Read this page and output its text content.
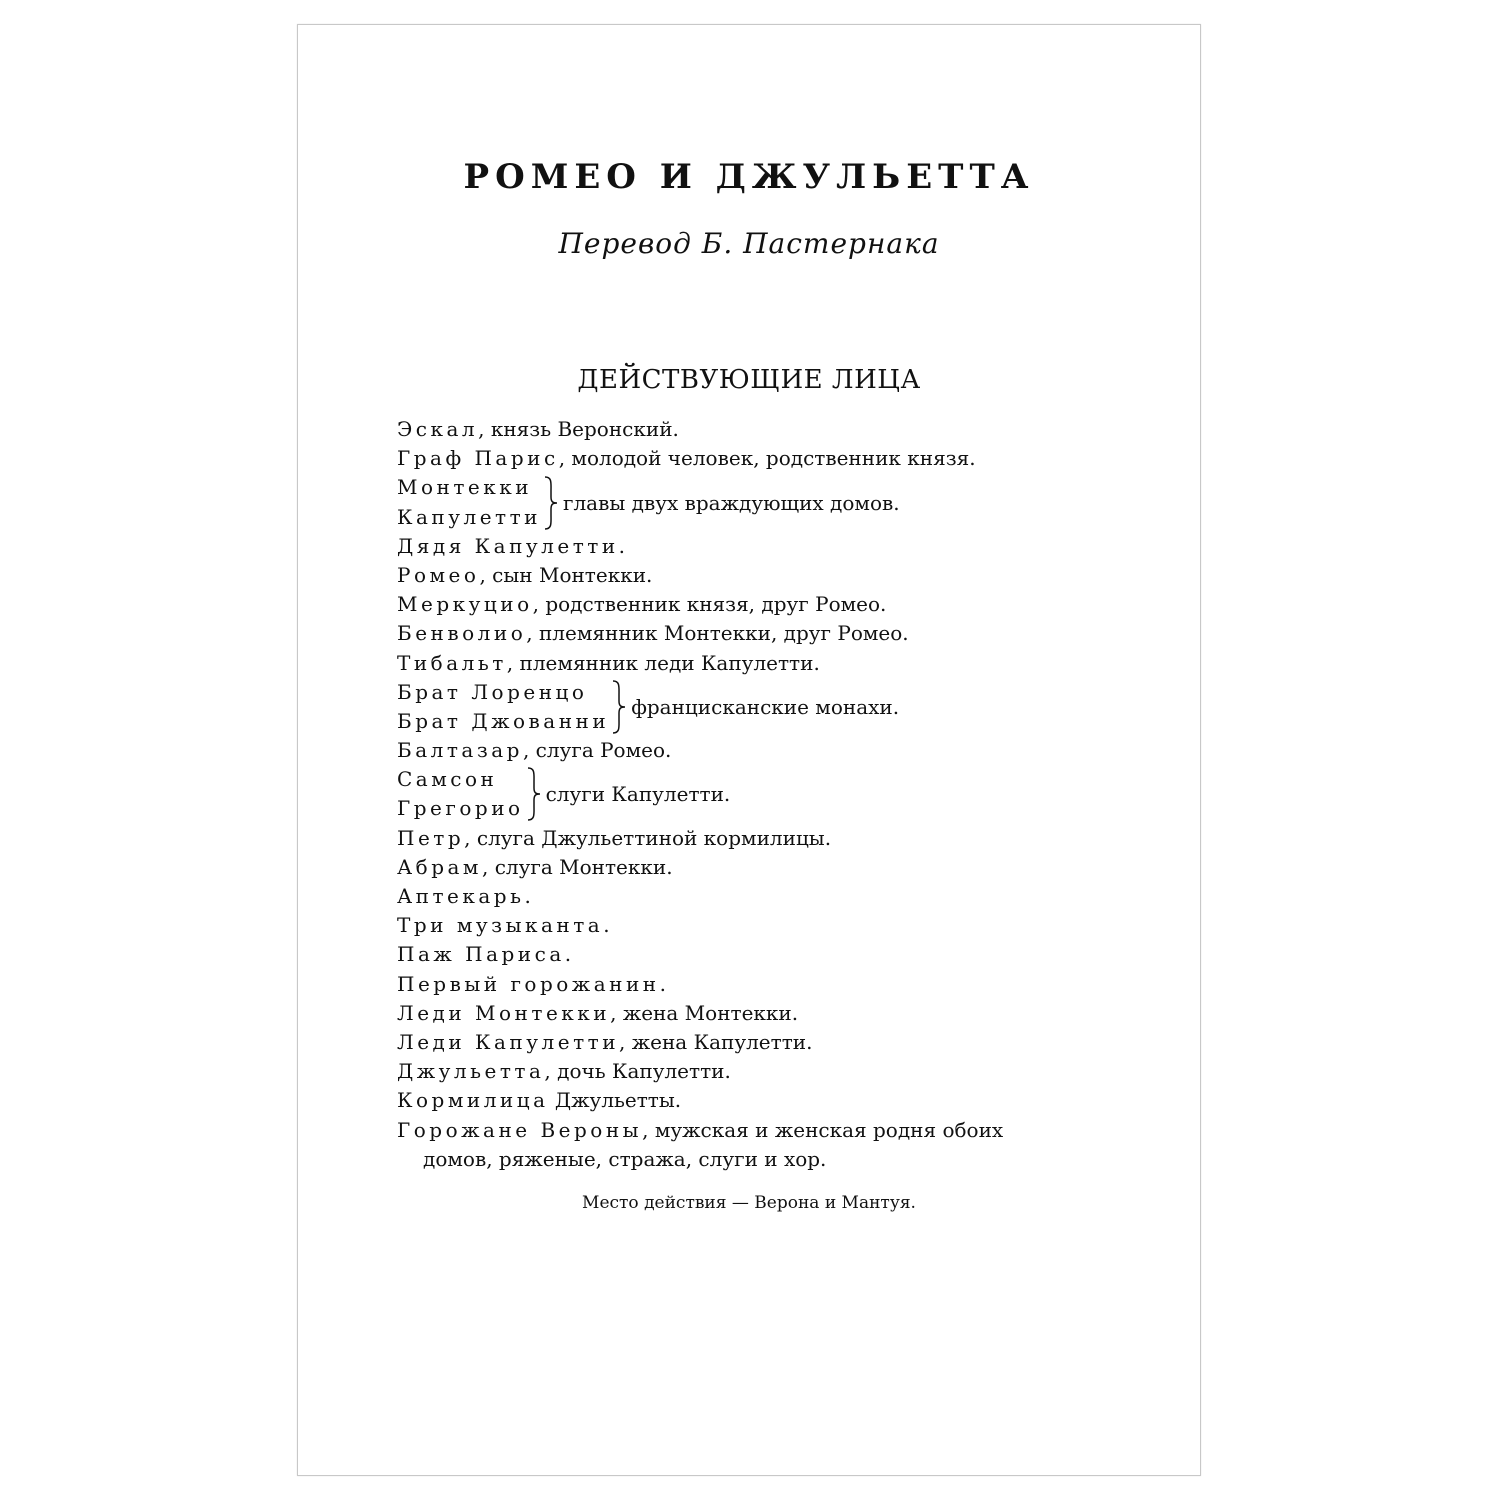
РОМЕО И ДЖУЛЬЕТТА
Перевод Б. Пастернака
ДЕЙСТВУЮЩИЕ ЛИЦА
Эскал, князь Веронский.
Граф Парис, молодой человек, родственник князя.
Монтекки
Капулетти
главы двух враждующих домов.
Дядя Капулетти.
Ромео, сын Монтекки.
Меркуцио, родственник князя, друг Ромео.
Бенволио, племянник Монтекки, друг Ромео.
Тибальт, племянник леди Капулетти.
Брат Лоренцо
Брат Джованни
францисканские монахи.
Балтазар, слуга Ромео.
Самсон
Грегорио
слуги Капулетти.
Петр, слуга Джульеттиной кормилицы.
Абрам, слуга Монтекки.
Аптекарь.
Три музыканта.
Паж Париса.
Первый горожанин.
Леди Монтекки, жена Монтекки.
Леди Капулетти, жена Капулетти.
Джульетта, дочь Капулетти.
Кормилица Джульетты.
Горожане Вероны, мужская и женская родня обоих
домов, ряженые, стража, слуги и хор.
Место действия — Верона и Мантуя.
